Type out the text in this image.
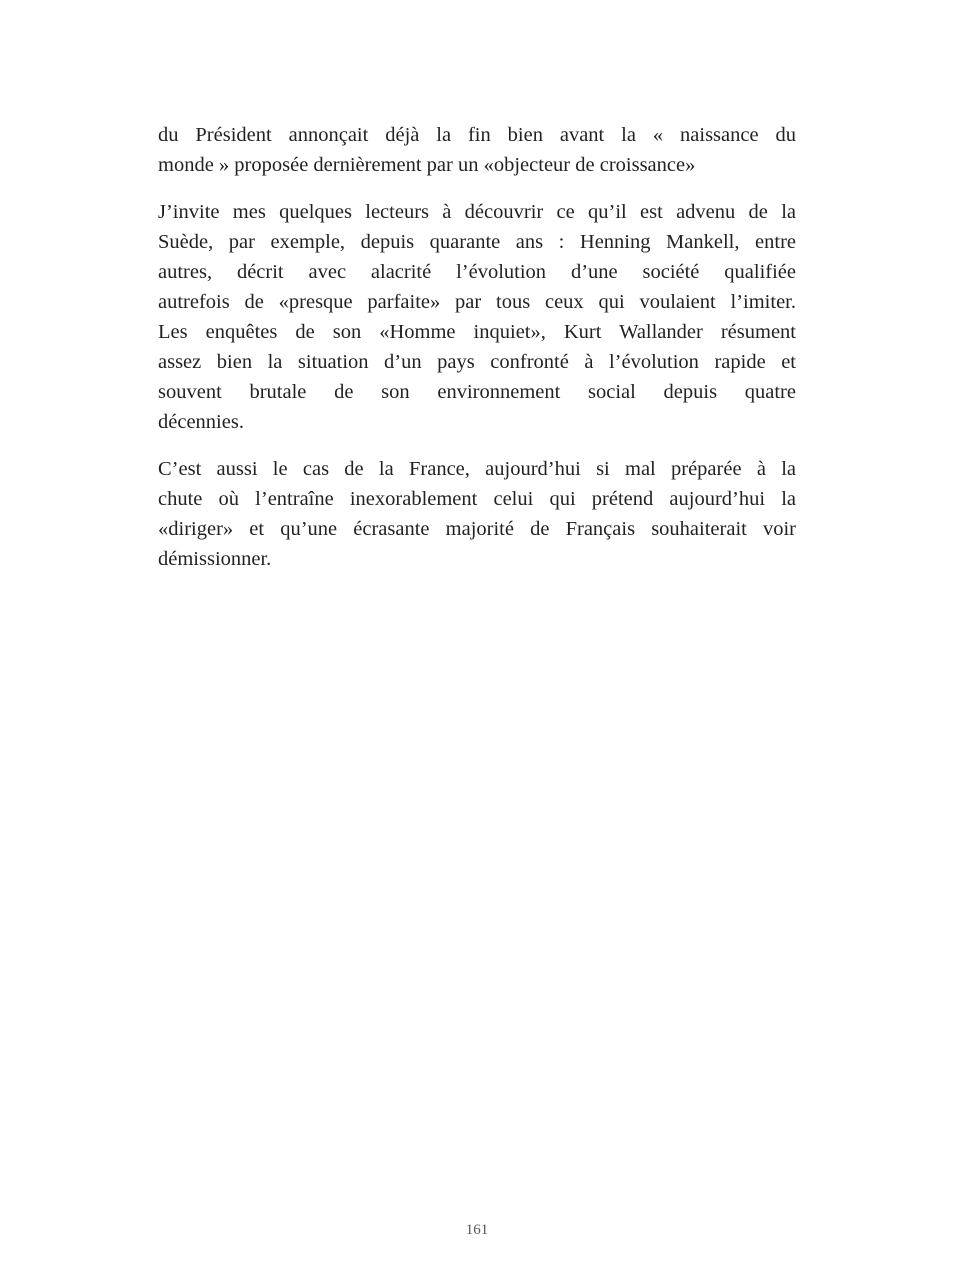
du Président annonçait déjà la fin bien avant la « naissance du
monde » proposée dernièrement par un «objecteur de croissance»

J’invite mes quelques lecteurs à découvrir ce qu’il est advenu de la
Suède, par exemple, depuis quarante ans : Henning Mankell, entre
autres, décrit avec alacrité l’évolution d’une société qualifiée
autrefois de «presque parfaite» par tous ceux qui voulaient l’imiter.
Les enquêtes de son «Homme inquiet», Kurt Wallander résument
assez bien la situation d’un pays confronté à l’évolution rapide et
souvent brutale de son environnement social depuis quatre
décennies.

C’est aussi le cas de la France, aujourd’hui si mal préparée à la
chute où l’entraîne inexorablement celui qui prétend aujourd’hui la
«diriger» et qu’une écrasante majorité de Français souhaiterait voir
démissionner.

161
